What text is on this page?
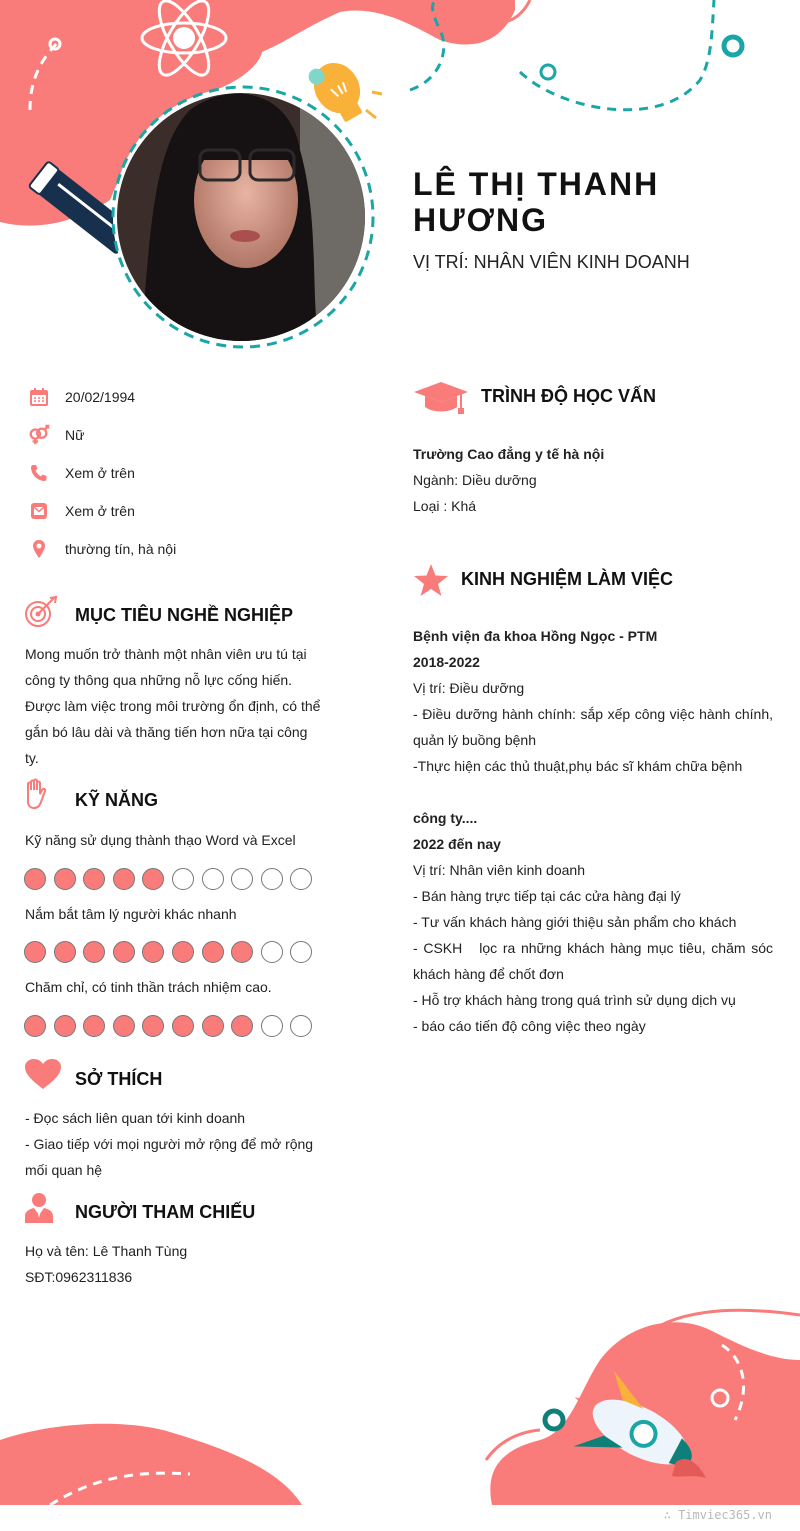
LÊ THỊ THANH HƯƠNG
VỊ TRÍ: NHÂN VIÊN KINH DOANH
20/02/1994
Nữ
Xem ở trên
Xem ở trên
thường tín, hà nội
MỤC TIÊU NGHỀ NGHIỆP
Mong muốn trở thành một nhân viên ưu tú tại
công ty thông qua những nỗ lực cống hiến.
Được làm việc trong môi trường ổn định, có thể
gắn bó lâu dài và thăng tiến hơn nữa tại công
ty.
KỸ NĂNG
Kỹ năng sử dụng thành thạo Word và Excel
Nắm bắt tâm lý người khác nhanh
Chăm chỉ, có tinh thần trách nhiệm cao.
SỞ THÍCH
- Đọc sách liên quan tới kinh doanh
- Giao tiếp với mọi người mở rộng để mở rộng
mối quan hệ
NGƯỜI THAM CHIẾU
Họ và tên: Lê Thanh Tùng
SĐT:0962311836
TRÌNH ĐỘ HỌC VẤN
Trường Cao đẳng y tế hà nội
Ngành: Diều dưỡng
Loại : Khá
KINH NGHIỆM LÀM VIỆC
Bệnh viện đa khoa Hồng Ngọc - PTM
2018-2022
Vị trí: Điều dưỡng
- Điều dưỡng hành chính: sắp xếp công việc hành chính,
quản lý buồng bệnh
-Thực hiện các thủ thuật,phụ bác sĩ khám chữa bệnh
công ty....
2022 đến nay
Vị trí: Nhân viên kinh doanh
- Bán hàng trực tiếp tại các cửa hàng đại lý
- Tư vấn khách hàng giới thiệu sản phẩm cho khách
- CSKH   lọc ra những khách hàng mục tiêu, chăm sóc
khách hàng để chốt đơn
- Hỗ trợ khách hàng trong quá trình sử dụng dịch vụ
- báo cáo tiến độ công việc theo ngày
∴ Timviec365.vn
